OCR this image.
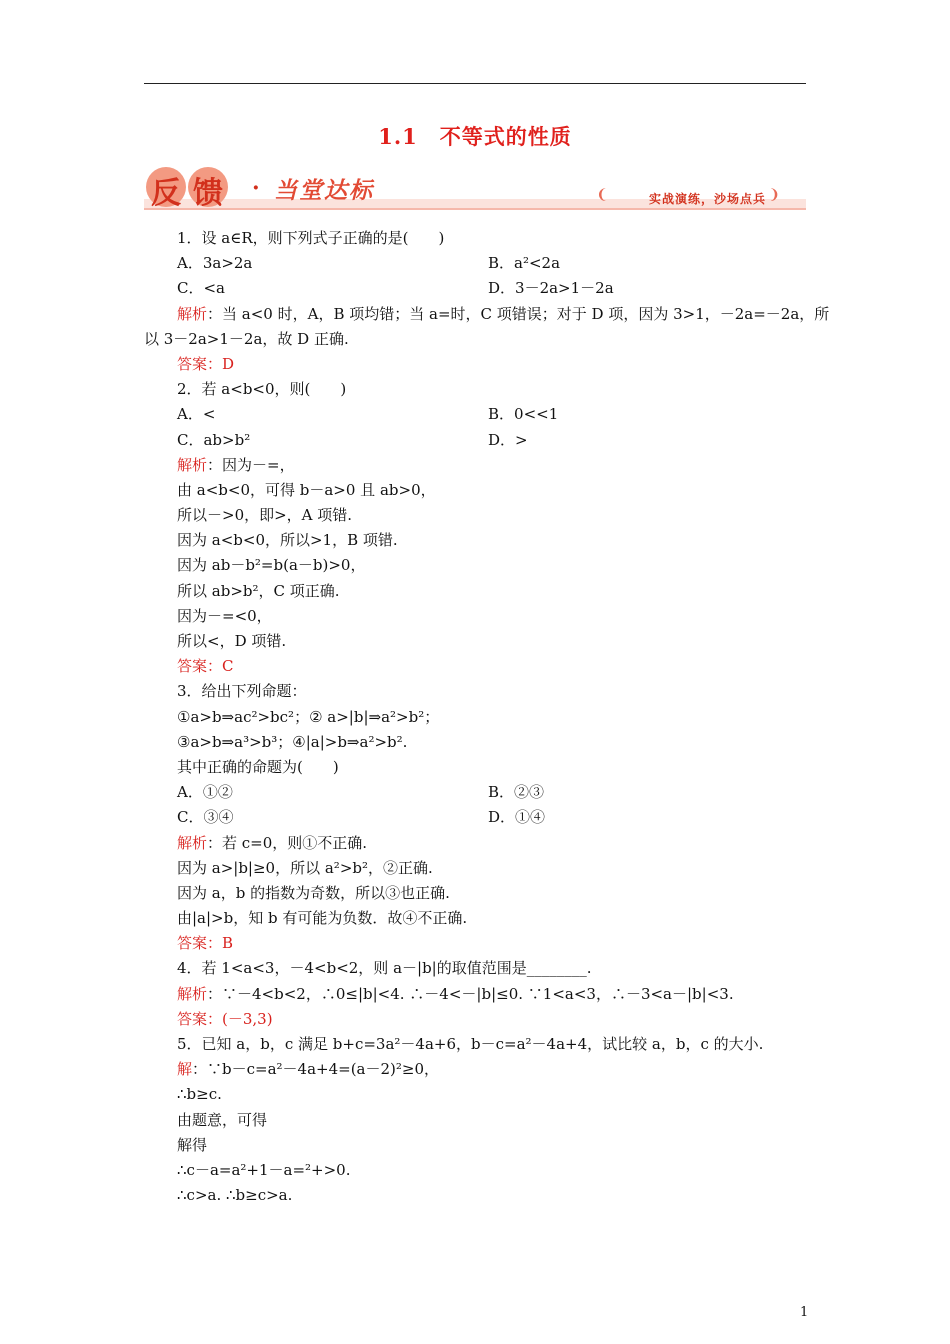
1.1　不等式的性质
反 馈 · 当堂达标	❨	实战演练，沙场点兵 ❩
1．设 a∈R，则下列式子正确的是(　　)
A．3a>2a	B．a²<2a
C．<a	D．3－2a>1－2a
解析：当 a<0 时，A，B 项均错；当 a=时，C 项错误；对于 D 项，因为 3>1，－2a=－2a，所
以 3－2a>1－2a，故 D 正确.
答案：D
2．若 a<b<0，则(　　)
A．<	B．0<<1
C．ab>b²	D．>
解析：因为－=，
由 a<b<0，可得 b－a>0 且 ab>0，
所以－>0，即>，A 项错.
因为 a<b<0，所以>1，B 项错.
因为 ab－b²=b(a－b)>0，
所以 ab>b²，C 项正确.
因为－=<0，
所以<，D 项错.
答案：C
3．给出下列命题：
①a>b⇒ac²>bc²；② a>|b|⇒a²>b²；
③a>b⇒a³>b³；④|a|>b⇒a²>b².
其中正确的命题为(　　)
A．①②	B．②③
C．③④	D．①④
解析：若 c=0，则①不正确.
因为 a>|b|≥0，所以 a²>b²，②正确.
因为 a，b 的指数为奇数，所以③也正确.
由|a|>b，知 b 有可能为负数．故④不正确.
答案：B
4．若 1<a<3，－4<b<2，则 a－|b|的取值范围是________.
解析：∵－4<b<2，∴0≤|b|<4. ∴－4<－|b|≤0. ∵1<a<3，∴－3<a－|b|<3.
答案：(－3,3)
5．已知 a，b，c 满足 b+c=3a²－4a+6，b－c=a²－4a+4，试比较 a，b，c 的大小.
解：∵b－c=a²－4a+4=(a－2)²≥0，
∴b≥c.
由题意，可得
解得
∴c－a=a²+1－a=²+>0.
∴c>a. ∴b≥c>a.
1
